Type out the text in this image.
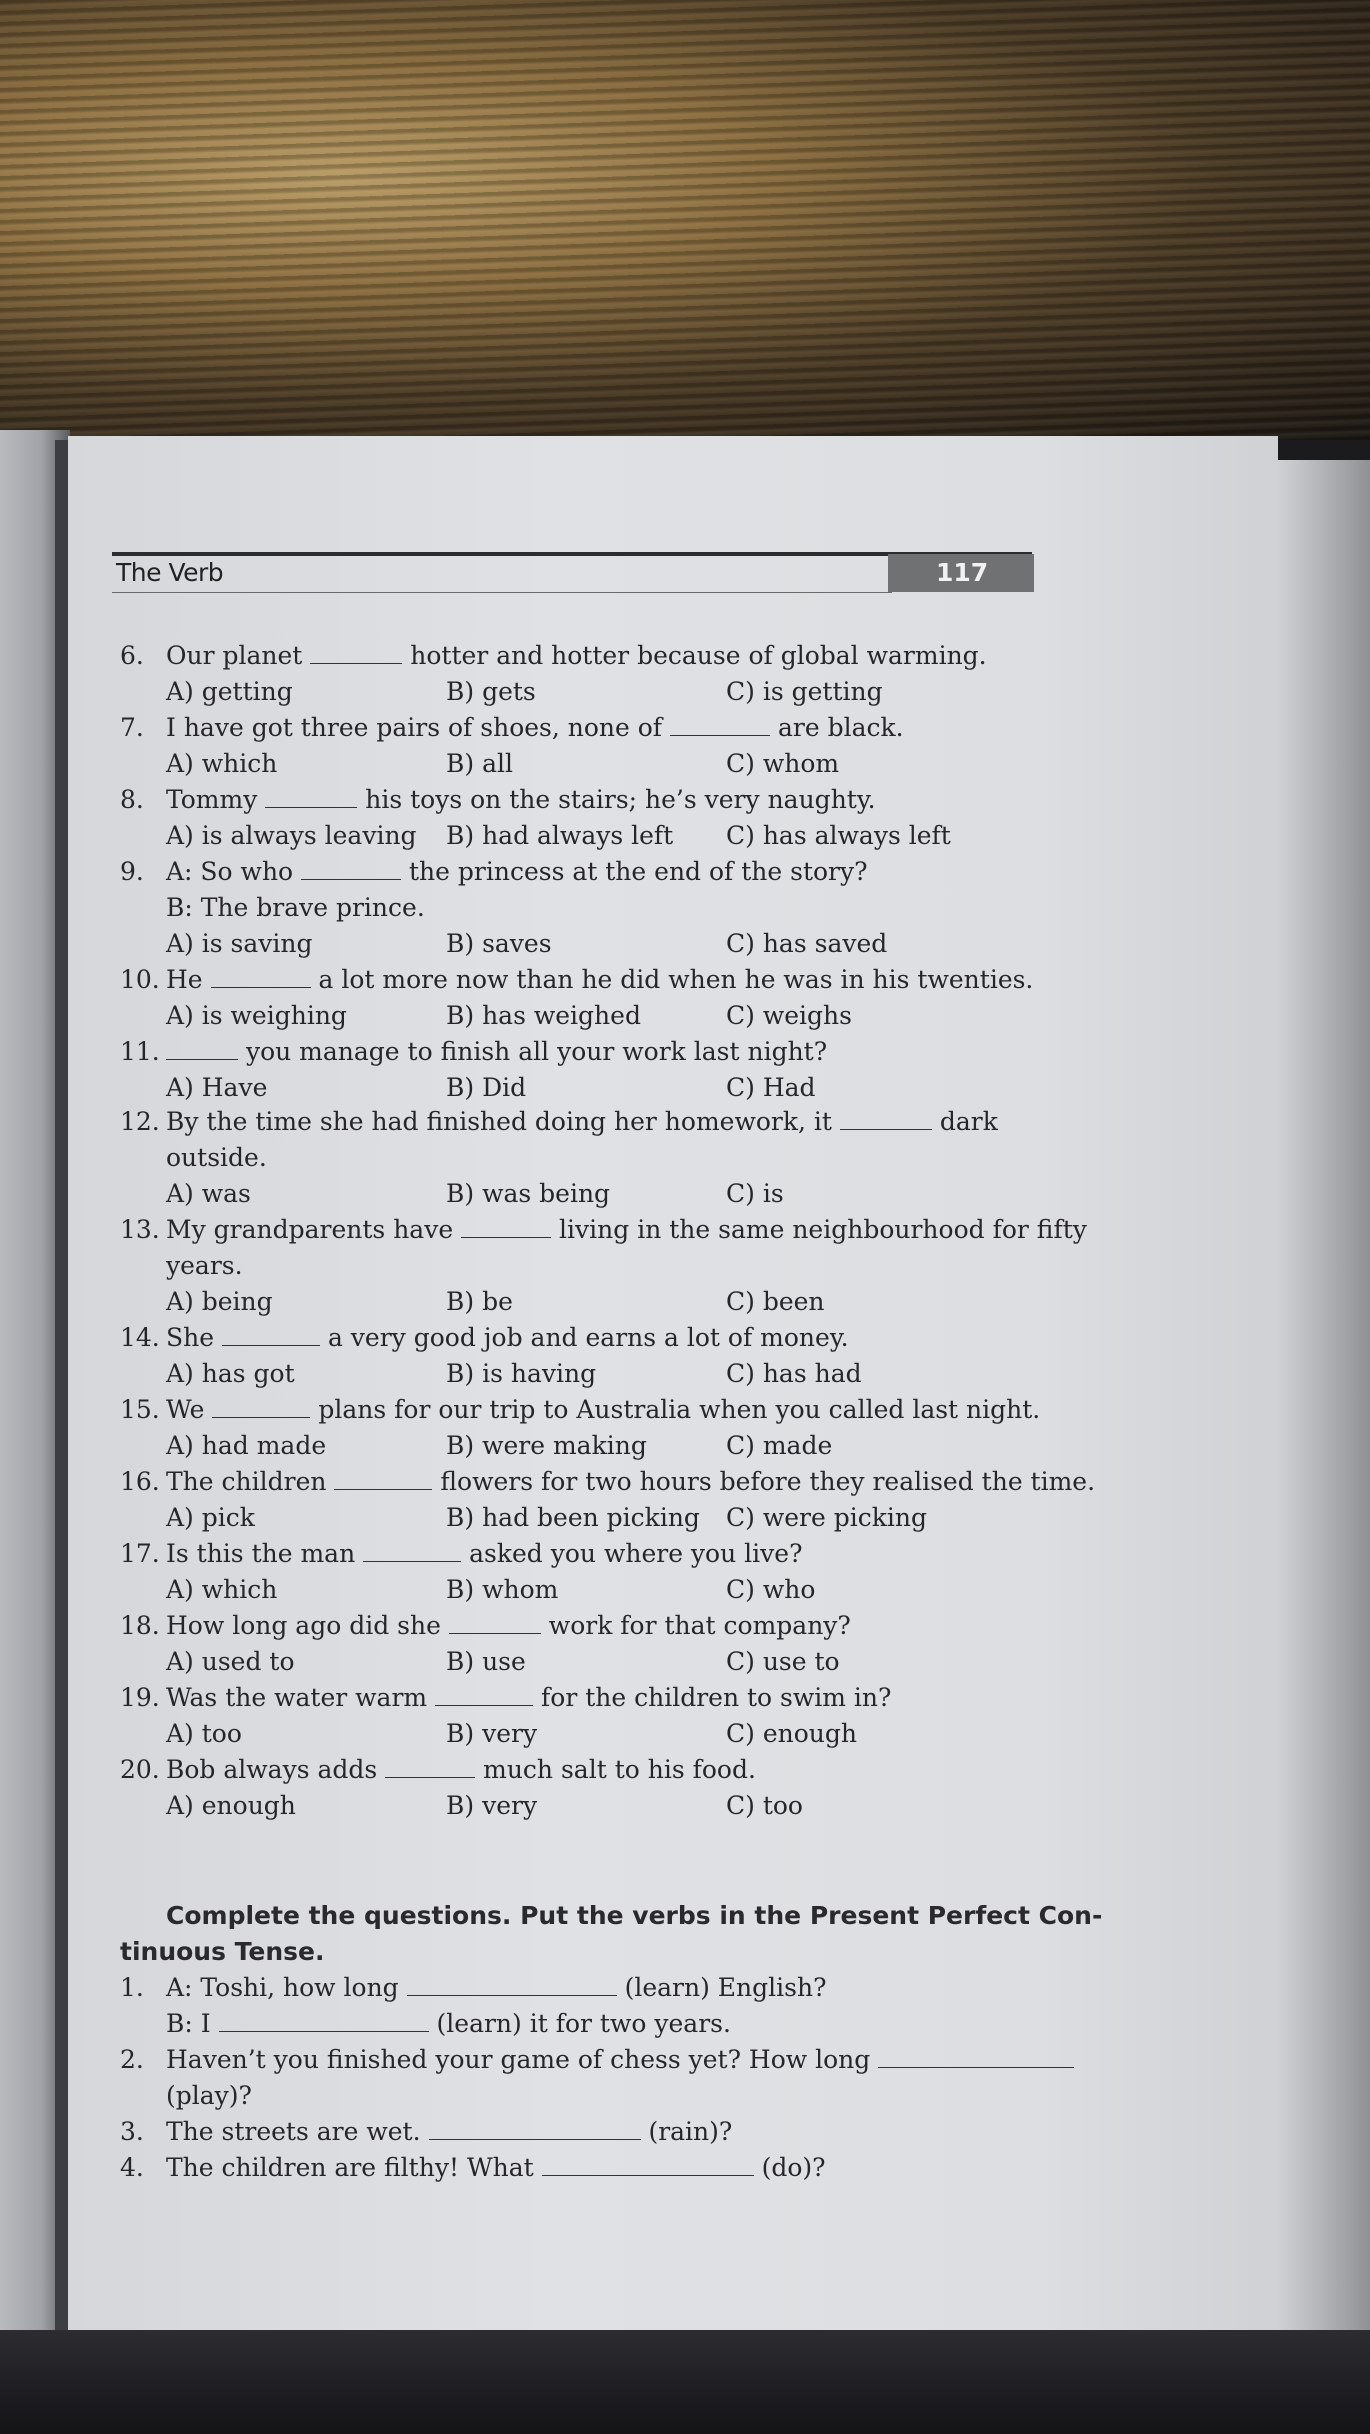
The Verb	117
6. Our planet	hotter and hotter because of global warming.
A) getting	B) gets	C) is getting
7. I have got three pairs of shoes, none of	are black.
A) which	B) all	C) whom
8. Tommy	his toys on the stairs; he’s very naughty.
A) is always leaving B) had always left C) has always left
9. A: So who	the princess at the end of the story?
B: The brave prince.
A) is saving	B) saves	C) has saved
10. He	a lot more now than he did when he was in his twenties.
A) is weighing	B) has weighed	C) weighs
11.	you manage to finish all your work last night?
A) Have	B) Did	C) Had
12. By the time she had finished doing her homework, it	dark
outside.
A) was	B) was being	C) is
13. My grandparents have	living in the same neighbourhood for fifty
years.
A) being	B) be	C) been
14. She	a very good job and earns a lot of money.
A) has got	B) is having	C) has had
15. We	plans for our trip to Australia when you called last night.
A) had made	B) were making	C) made
16. The children	flowers for two hours before they realised the time.
A) pick	B) had been picking C) were picking
17. Is this the man	asked you where you live?
A) which	B) whom	C) who
18. How long ago did she	work for that company?
A) used to	B) use	C) use to
19. Was the water warm	for the children to swim in?
A) too	B) very	C) enough
20. Bob always adds	much salt to his food.
A) enough	B) very	C) too
Complete the questions. Put the verbs in the Present Perfect Con-
tinuous Tense.
1. A: Toshi, how long	(learn) English?
B: I	(learn) it for two years.
2. Haven’t you finished your game of chess yet? How long
(play)?
3. The streets are wet.	(rain)?
4. The children are filthy! What	(do)?
